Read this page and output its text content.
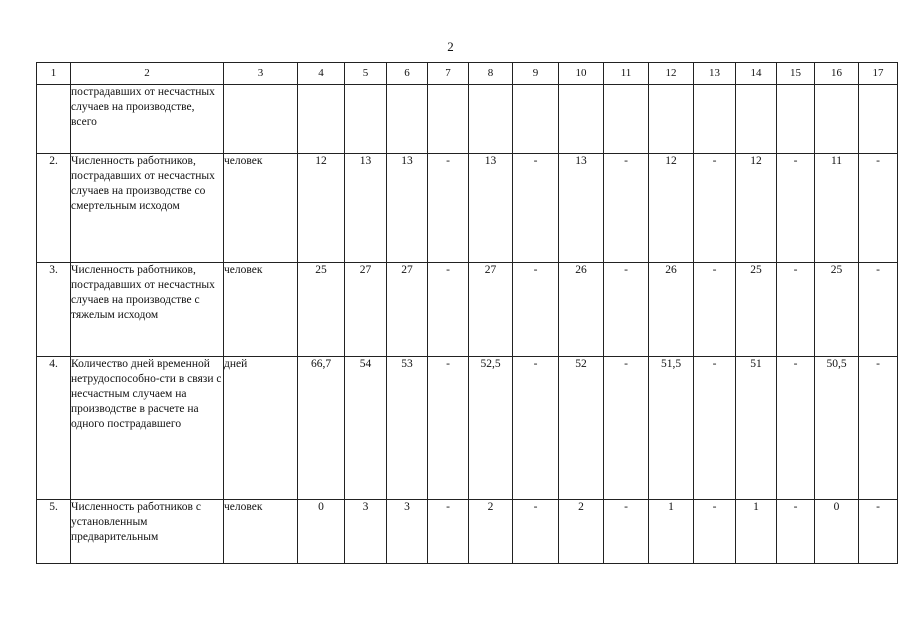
2
1	2	3	4	5	6	7	8	9	10	11	12	13	14	15	16	17
	пострадавших от несчастных случаев на производстве, всего															
2.	Численность работников, пострадавших от несчастных случаев на производстве со смертельным исходом	человек	12	13	13	-	13	-	13	-	12	-	12	-	11	-
3.	Численность работников, пострадавших от несчастных случаев на производстве с тяжелым исходом	человек	25	27	27	-	27	-	26	-	26	-	25	-	25	-
4.	Количество дней временной нетрудоспособно-сти в связи с несчастным случаем на производстве в расчете на одного пострадавшего	дней	66,7	54	53	-	52,5	-	52	-	51,5	-	51	-	50,5	-
5.	Численность работников с установленным предварительным	человек	0	3	3	-	2	-	2	-	1	-	1	-	0	-
